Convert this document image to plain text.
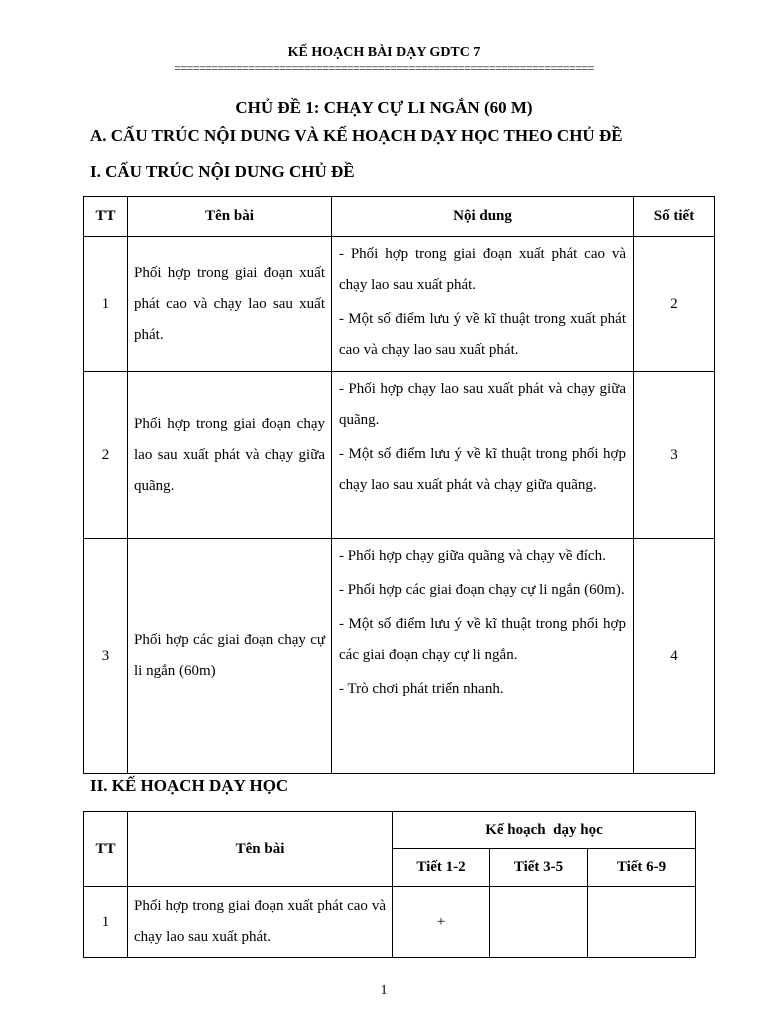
KẾ HOẠCH BÀI DẠY GDTC 7
====================================================================
CHỦ ĐỀ 1: CHẠY CỰ LI NGẮN (60 M)
A. CẤU TRÚC NỘI DUNG VÀ KẾ HOẠCH DẠY HỌC THEO CHỦ ĐỀ
I. CẤU TRÚC NỘI DUNG CHỦ ĐỀ
TT	Tên bài	Nội dung	Số tiết
1	Phối hợp trong giai đoạn xuất phát cao và chạy lao sau xuất phát.	- Phối hợp trong giai đoạn xuất phát cao và chạy lao sau xuất phát.

- Một số điểm lưu ý về kĩ thuật trong xuất phát cao và chạy lao sau xuất phát.	2
2	Phối hợp trong giai đoạn chạy lao sau xuất phát và chạy giữa quãng.	- Phối hợp chạy lao sau xuất phát và chạy giữa quãng.

- Một số điểm lưu ý về kĩ thuật trong phối hợp chạy lao sau xuất phát và chạy giữa quãng.	3
3	Phối hợp các giai đoạn chạy cự li ngắn (60m)	- Phối hợp chạy giữa quãng và chạy về đích.

- Phối hợp các giai đoạn chạy cự li ngắn (60m).

- Một số điểm lưu ý về kĩ thuật trong phối hợp các giai đoạn chạy cự li ngắn.

- Trò chơi phát triển nhanh.	4
II. KẾ HOẠCH DẠY HỌC
TT	Tên bài	Kế hoạch  dạy học		
		Tiết 1-2	Tiết 3-5	Tiết 6-9
1	Phối hợp trong giai đoạn xuất phát cao và chạy lao sau xuất phát.	+		
1
